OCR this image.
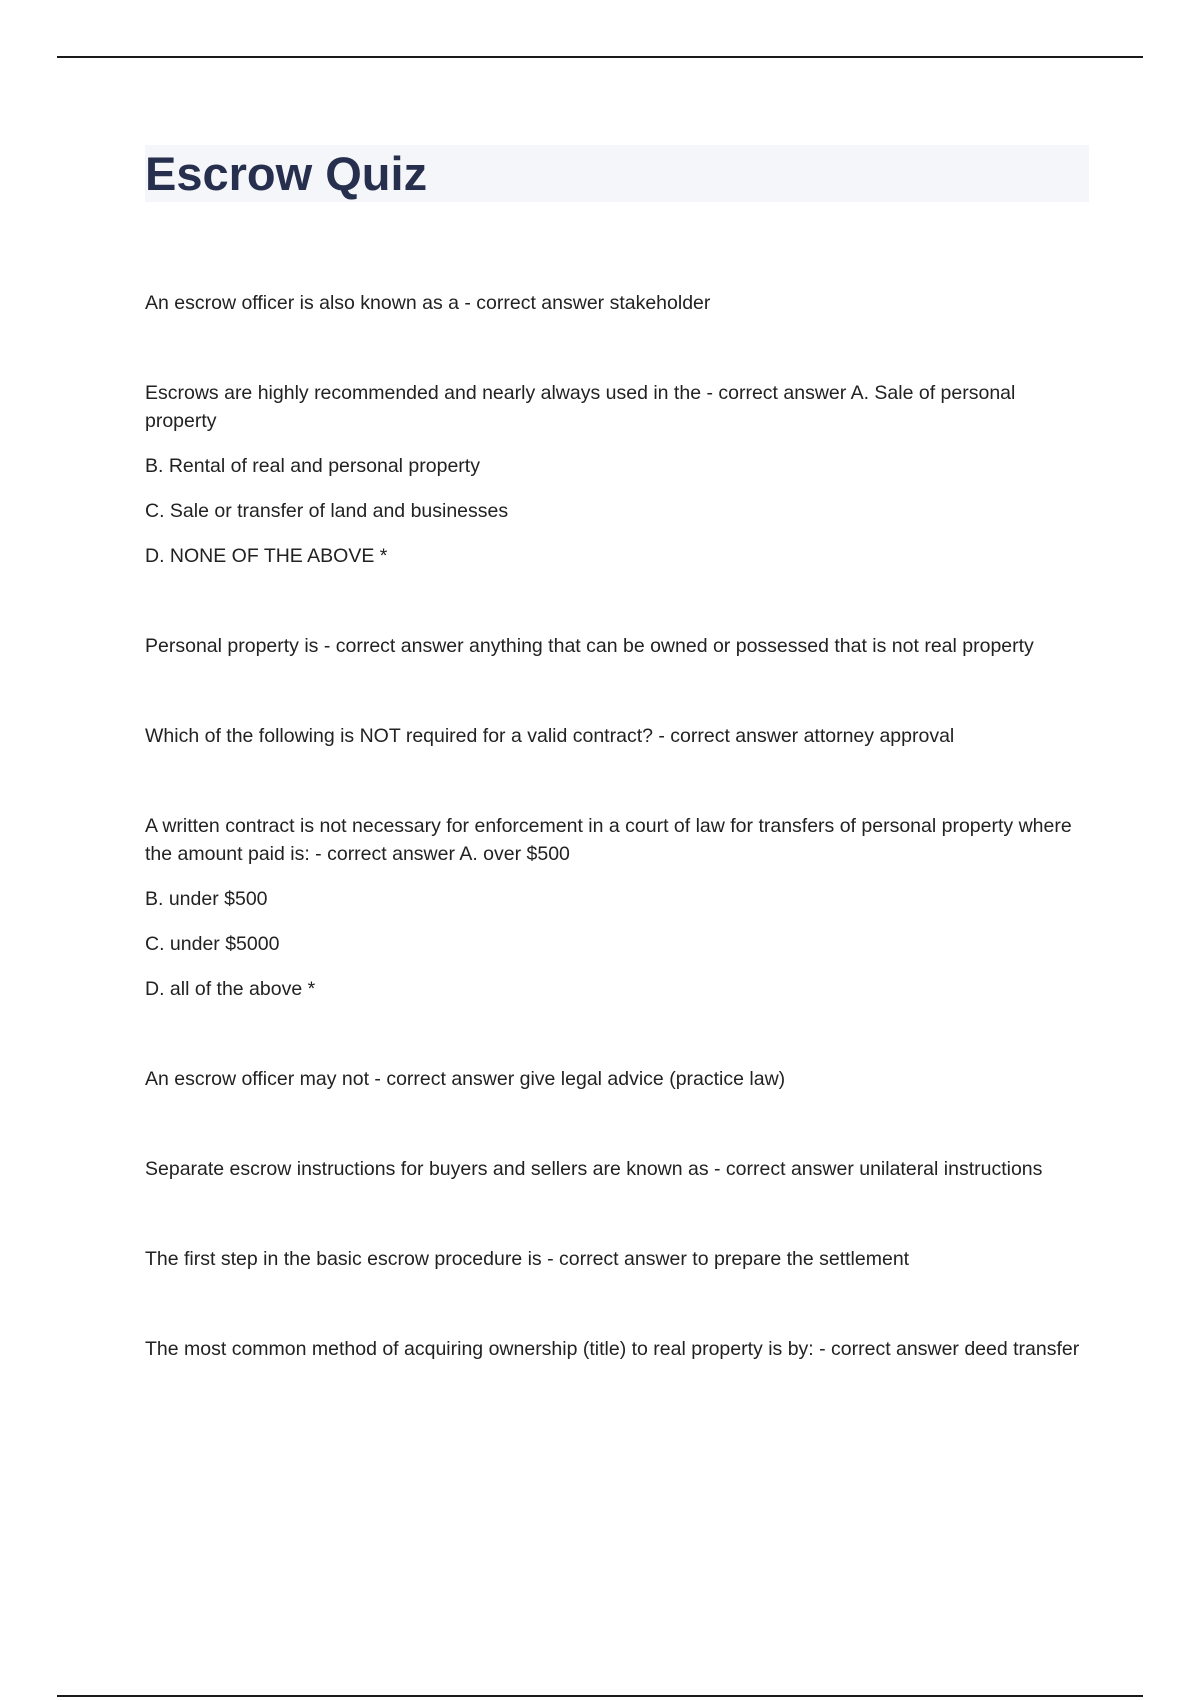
Escrow Quiz

An escrow officer is also known as a - correct answer stakeholder

Escrows are highly recommended and nearly always used in the - correct answer A. Sale of personal property

B. Rental of real and personal property

C. Sale or transfer of land and businesses

D. NONE OF THE ABOVE *

Personal property is - correct answer anything that can be owned or possessed that is not real property

Which of the following is NOT required for a valid contract? - correct answer attorney approval

A written contract is not necessary for enforcement in a court of law for transfers of personal property where the amount paid is: - correct answer A. over $500

B. under $500

C. under $5000

D. all of the above *

An escrow officer may not - correct answer give legal advice (practice law)

Separate escrow instructions for buyers and sellers are known as - correct answer unilateral instructions

The first step in the basic escrow procedure is - correct answer to prepare the settlement

The most common method of acquiring ownership (title) to real property is by: - correct answer deed transfer
